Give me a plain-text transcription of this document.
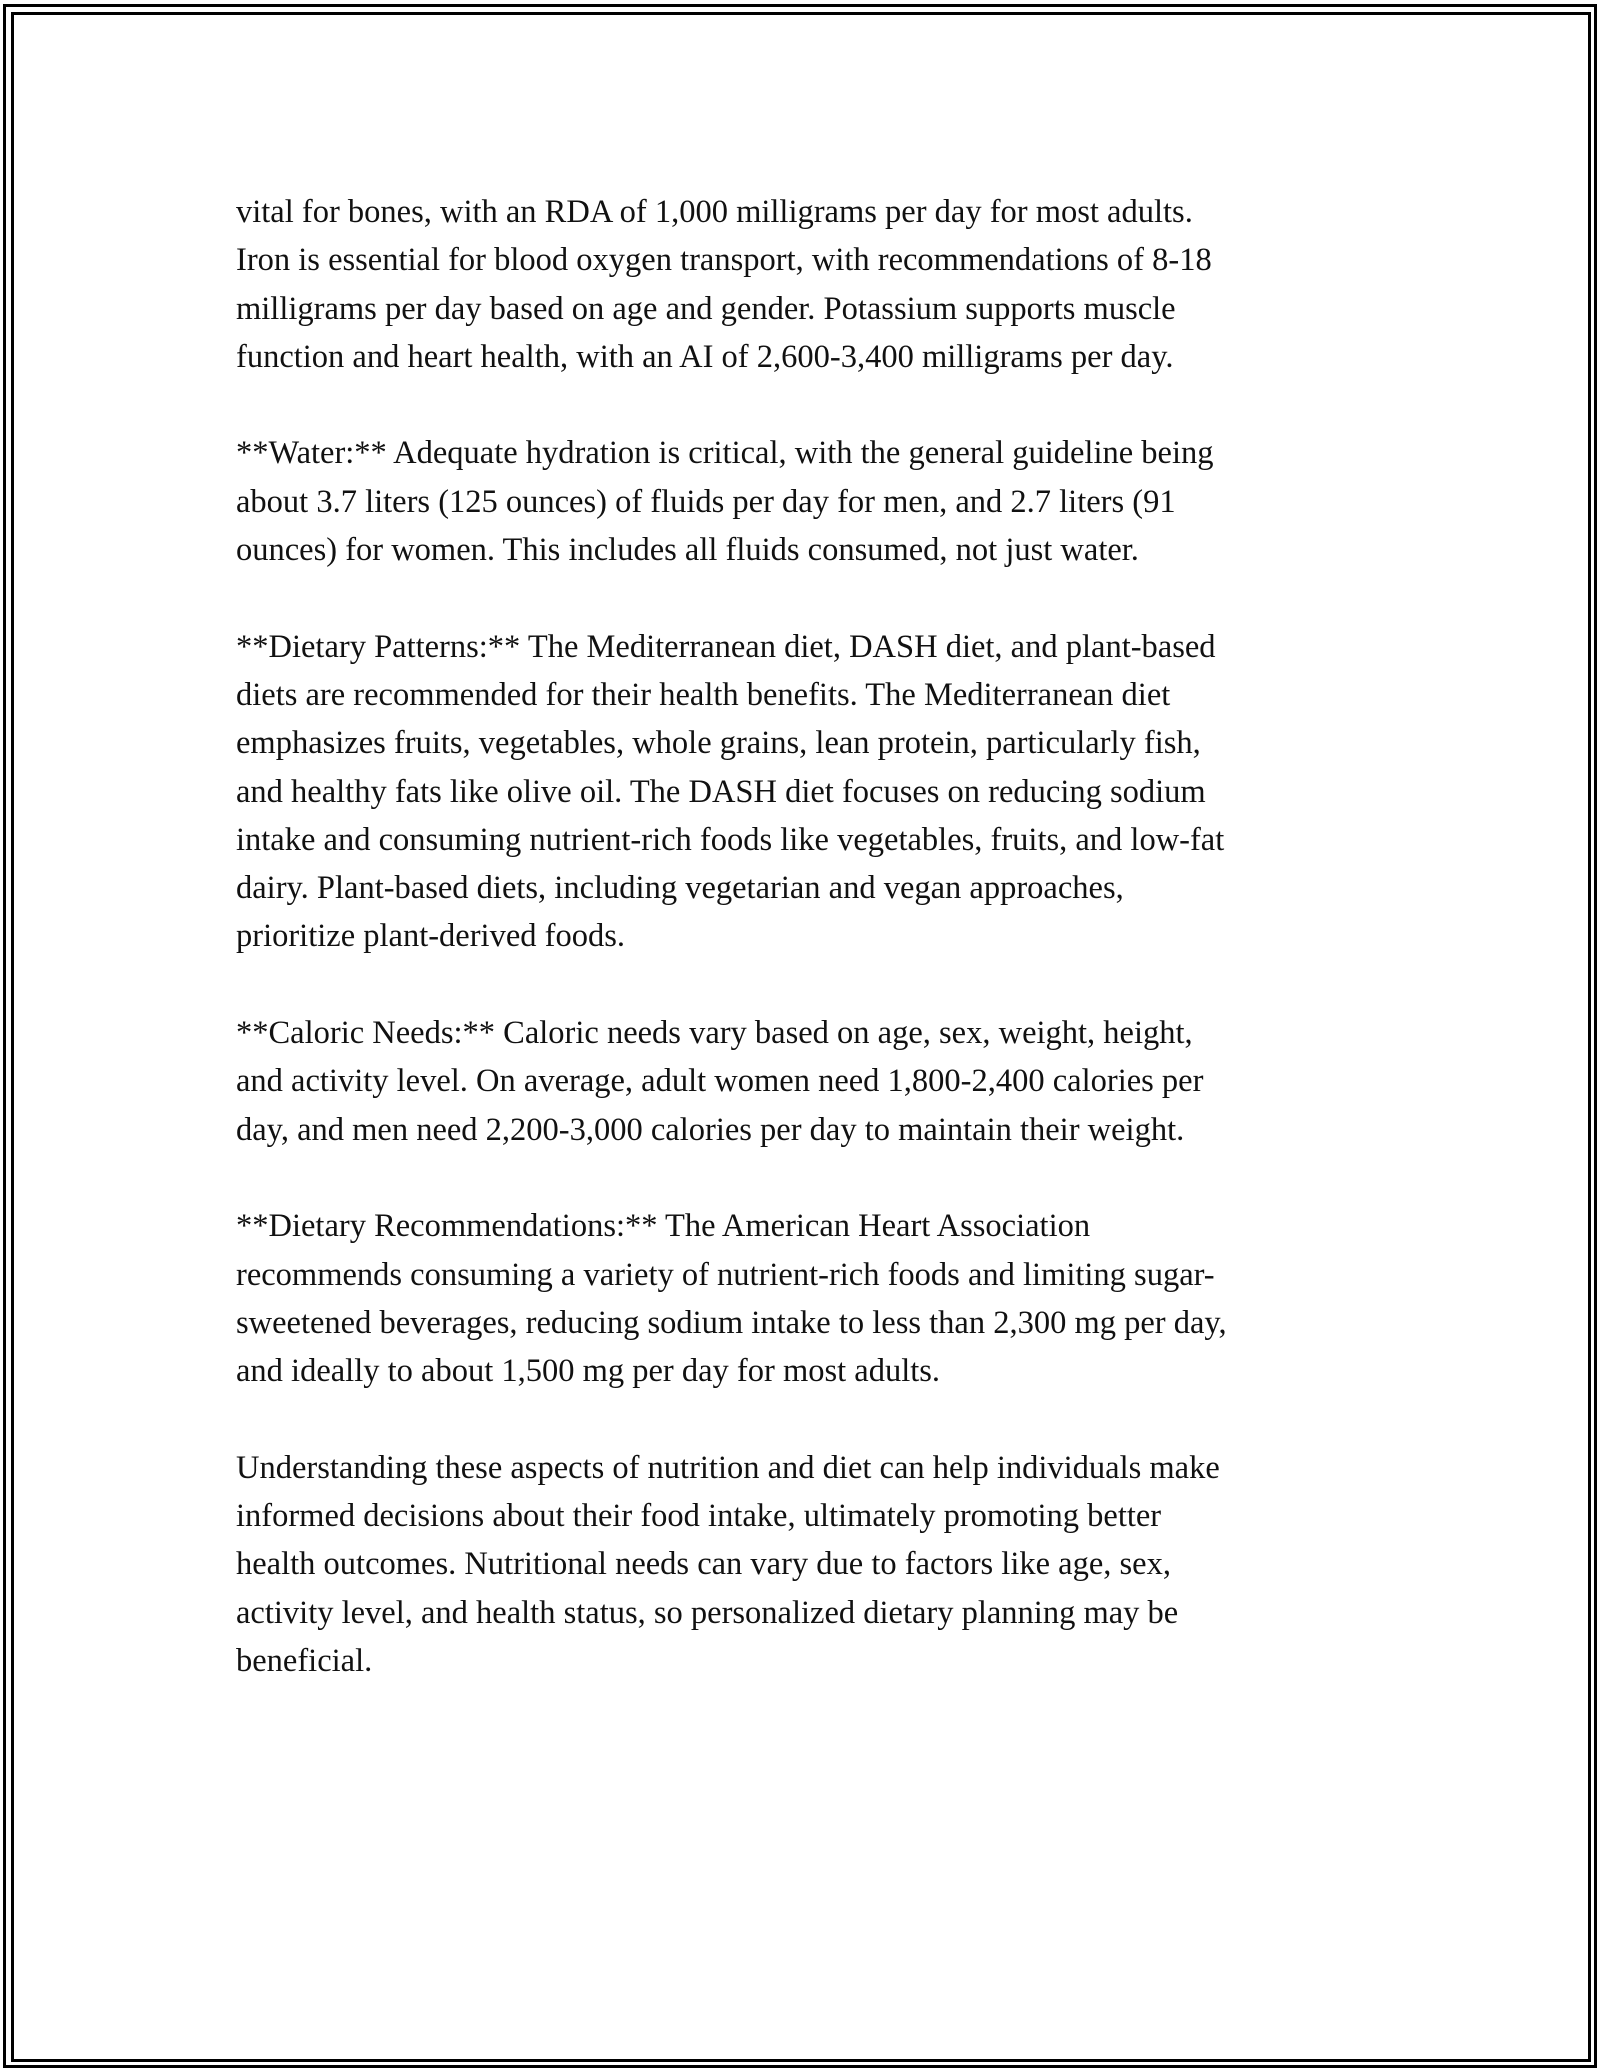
vital for bones, with an RDA of 1,000 milligrams per day for most adults.
Iron is essential for blood oxygen transport, with recommendations of 8-18
milligrams per day based on age and gender. Potassium supports muscle
function and heart health, with an AI of 2,600-3,400 milligrams per day.

**Water:** Adequate hydration is critical, with the general guideline being
about 3.7 liters (125 ounces) of fluids per day for men, and 2.7 liters (91
ounces) for women. This includes all fluids consumed, not just water.

**Dietary Patterns:** The Mediterranean diet, DASH diet, and plant-based
diets are recommended for their health benefits. The Mediterranean diet
emphasizes fruits, vegetables, whole grains, lean protein, particularly fish,
and healthy fats like olive oil. The DASH diet focuses on reducing sodium
intake and consuming nutrient-rich foods like vegetables, fruits, and low-fat
dairy. Plant-based diets, including vegetarian and vegan approaches,
prioritize plant-derived foods.

**Caloric Needs:** Caloric needs vary based on age, sex, weight, height,
and activity level. On average, adult women need 1,800-2,400 calories per
day, and men need 2,200-3,000 calories per day to maintain their weight.

**Dietary Recommendations:** The American Heart Association
recommends consuming a variety of nutrient-rich foods and limiting sugar-
sweetened beverages, reducing sodium intake to less than 2,300 mg per day,
and ideally to about 1,500 mg per day for most adults.

Understanding these aspects of nutrition and diet can help individuals make
informed decisions about their food intake, ultimately promoting better
health outcomes. Nutritional needs can vary due to factors like age, sex,
activity level, and health status, so personalized dietary planning may be
beneficial.
